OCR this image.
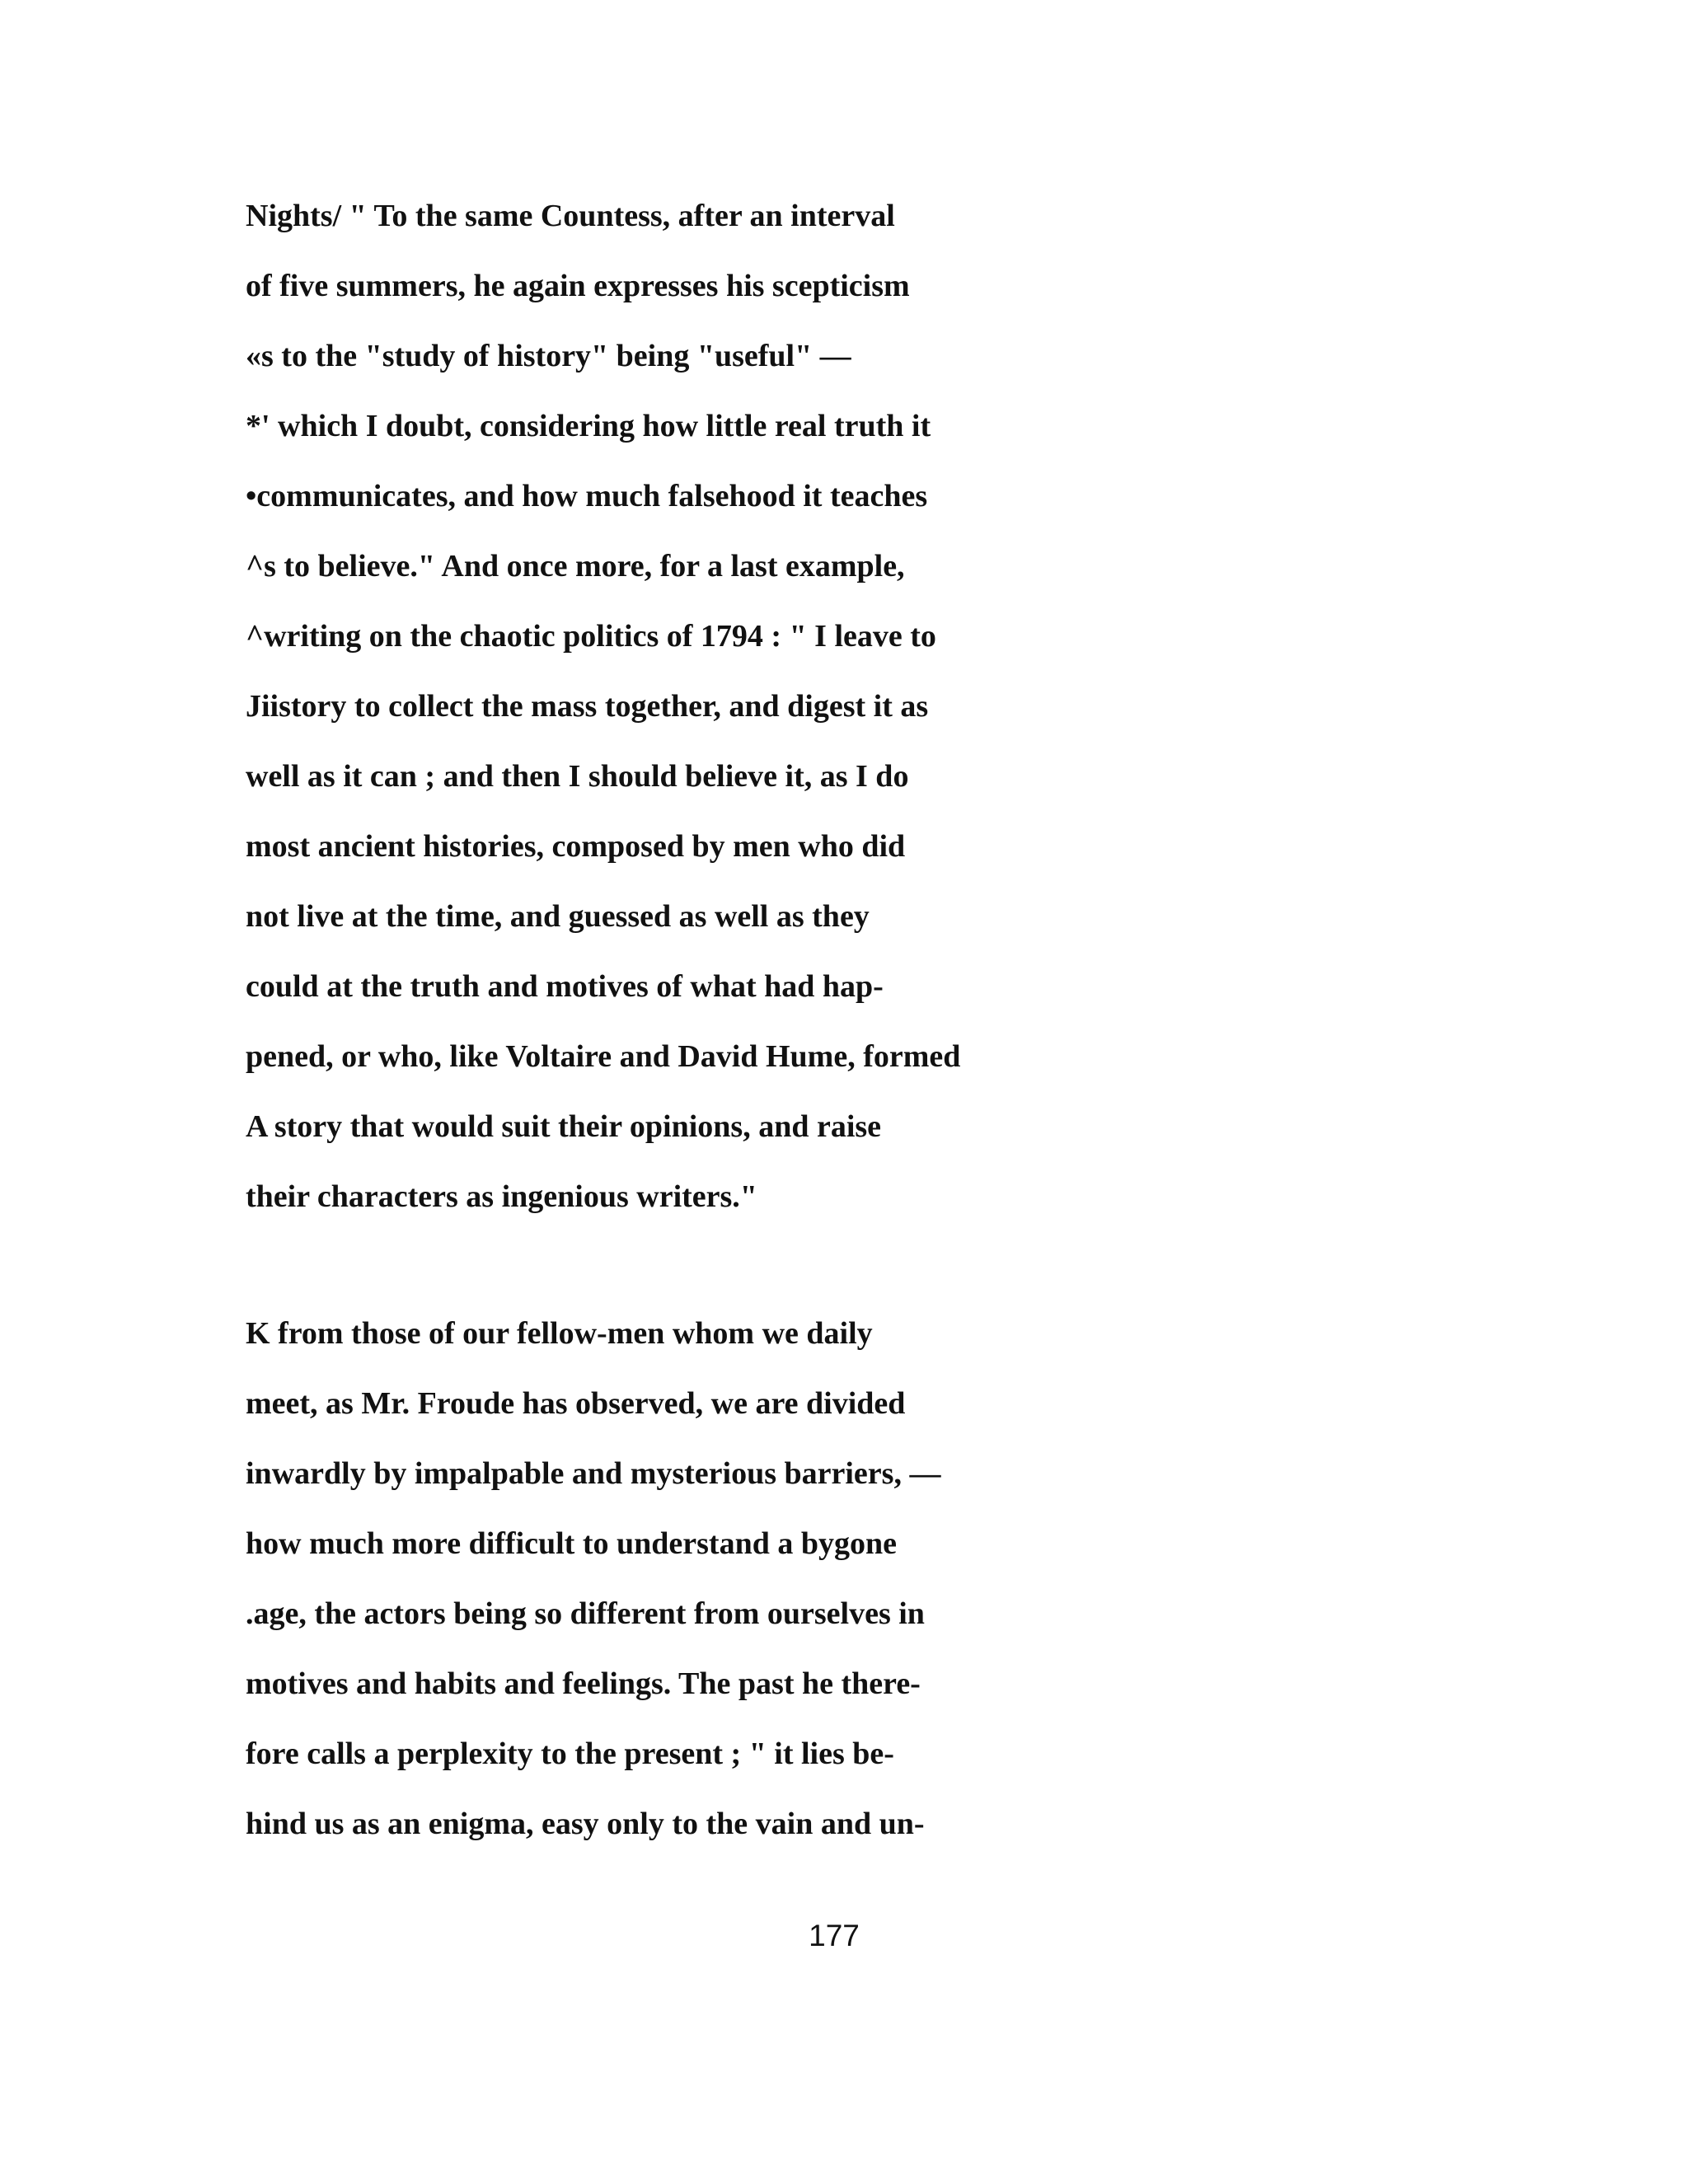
Nights/ " To the same Countess, after an interval
of five summers, he again expresses his scepticism
«s to the "study of history" being "useful" —
*' which I doubt, considering how little real truth it
•communicates, and how much falsehood it teaches
^s to believe." And once more, for a last example,
^writing on the chaotic politics of 1794 : " I leave to
Jiistory to collect the mass together, and digest it as
well as it can ; and then I should believe it, as I do
most ancient histories, composed by men who did
not live at the time, and guessed as well as they
could at the truth and motives of what had hap-
pened, or who, like Voltaire and David Hume, formed
A story that would suit their opinions, and raise
their characters as ingenious writers."
K from those of our fellow-men whom we daily
meet, as Mr. Froude has observed, we are divided
inwardly by impalpable and mysterious barriers, —
how much more difficult to understand a bygone
.age, the actors being so different from ourselves in
motives and habits and feelings. The past he there-
fore calls a perplexity to the present ; " it lies be-
hind us as an enigma, easy only to the vain and un-
177
